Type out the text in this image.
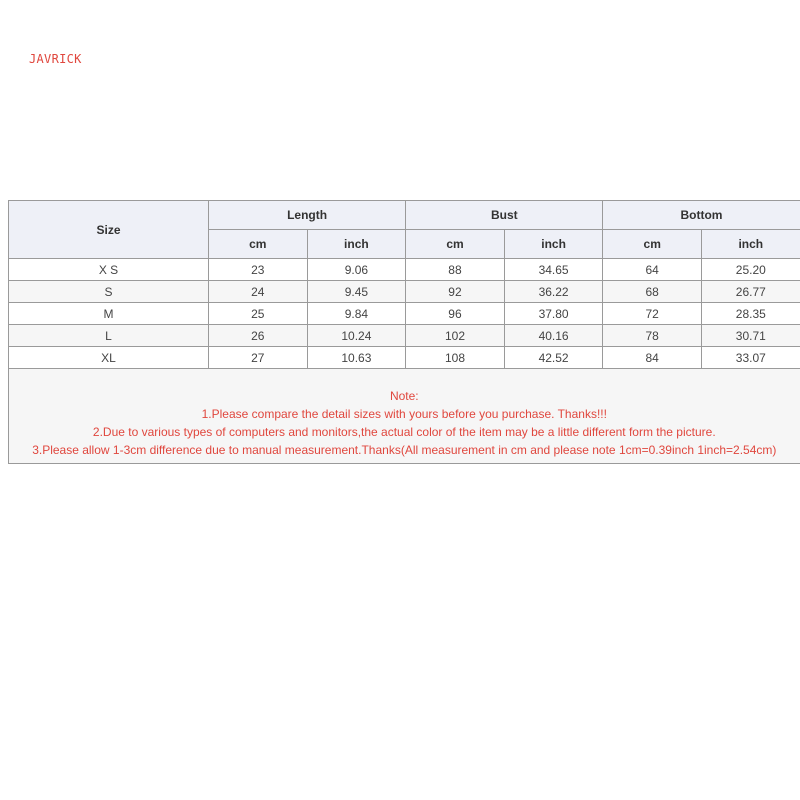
JAVRICK
Size	Length		Bust		Bottom	
	cm	inch	cm	inch	cm	inch
X S	23	9.06	88	34.65	64	25.20
S	24	9.45	92	36.22	68	26.77
M	25	9.84	96	37.80	72	28.35
L	26	10.24	102	40.16	78	30.71
XL	27	10.63	108	42.52	84	33.07

Note:
1.Please compare the detail sizes with yours before you purchase. Thanks!!!
2.Due to various types of computers and monitors,the actual color of the item may be a little different form the picture.
3.Please allow 1-3cm difference due to manual measurement.Thanks(All measurement in cm and please note 1cm=0.39inch 1inch=2.54cm)						
